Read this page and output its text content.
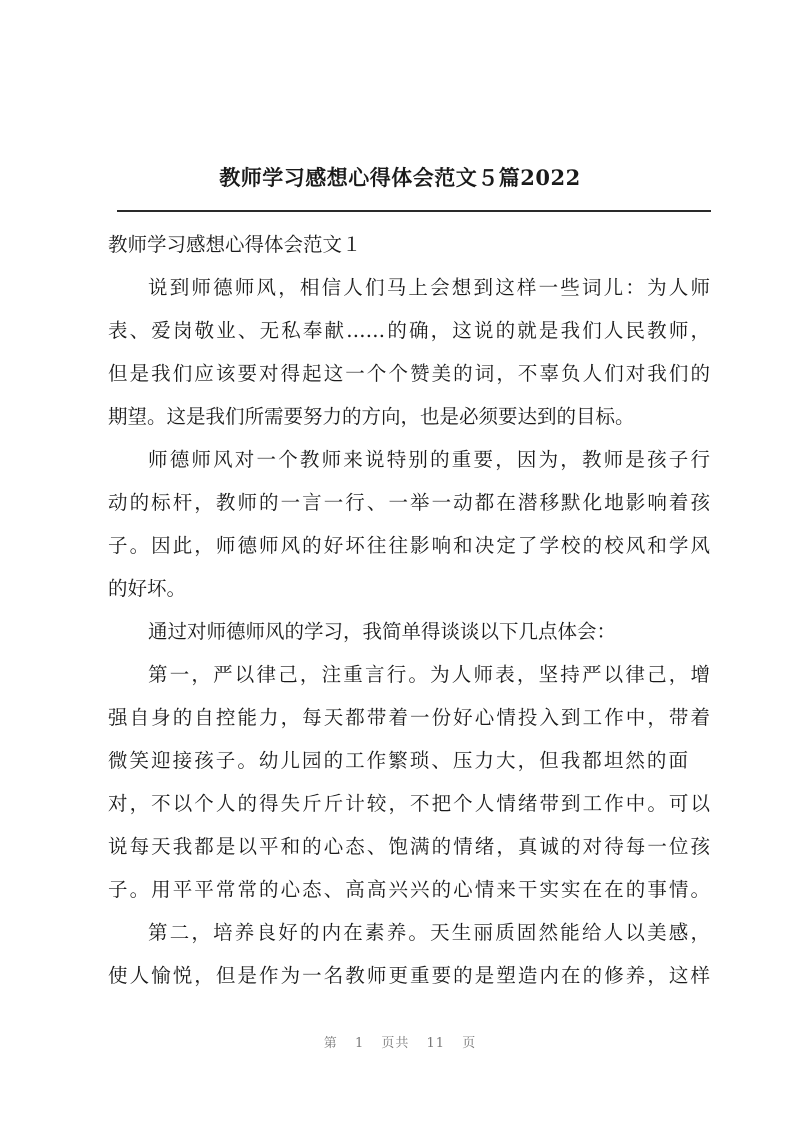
教师学习感想心得体会范文５篇2022
教师学习感想心得体会范文１
说到师德师风，相信人们马上会想到这样一些词儿：为人师
表、爱岗敬业、无私奉献……的确，这说的就是我们人民教师，
但是我们应该要对得起这一个个赞美的词，不辜负人们对我们的
期望。这是我们所需要努力的方向，也是必须要达到的目标。
师德师风对一个教师来说特别的重要，因为，教师是孩子行
动的标杆，教师的一言一行、一举一动都在潜移默化地影响着孩
子。因此，师德师风的好坏往往影响和决定了学校的校风和学风
的好坏。
通过对师德师风的学习，我简单得谈谈以下几点体会：
第一，严以律己，注重言行。为人师表，坚持严以律己，增
强自身的自控能力，每天都带着一份好心情投入到工作中，带着
微笑迎接孩子。幼儿园的工作繁琐、压力大，但我都坦然的面
对，不以个人的得失斤斤计较，不把个人情绪带到工作中。可以
说每天我都是以平和的心态、饱满的情绪，真诚的对待每一位孩
子。用平平常常的心态、高高兴兴的心情来干实实在在的事情。
第二，培养良好的内在素养。天生丽质固然能给人以美感，
使人愉悦，但是作为一名教师更重要的是塑造内在的修养，这样
第 1 页共 11 页
